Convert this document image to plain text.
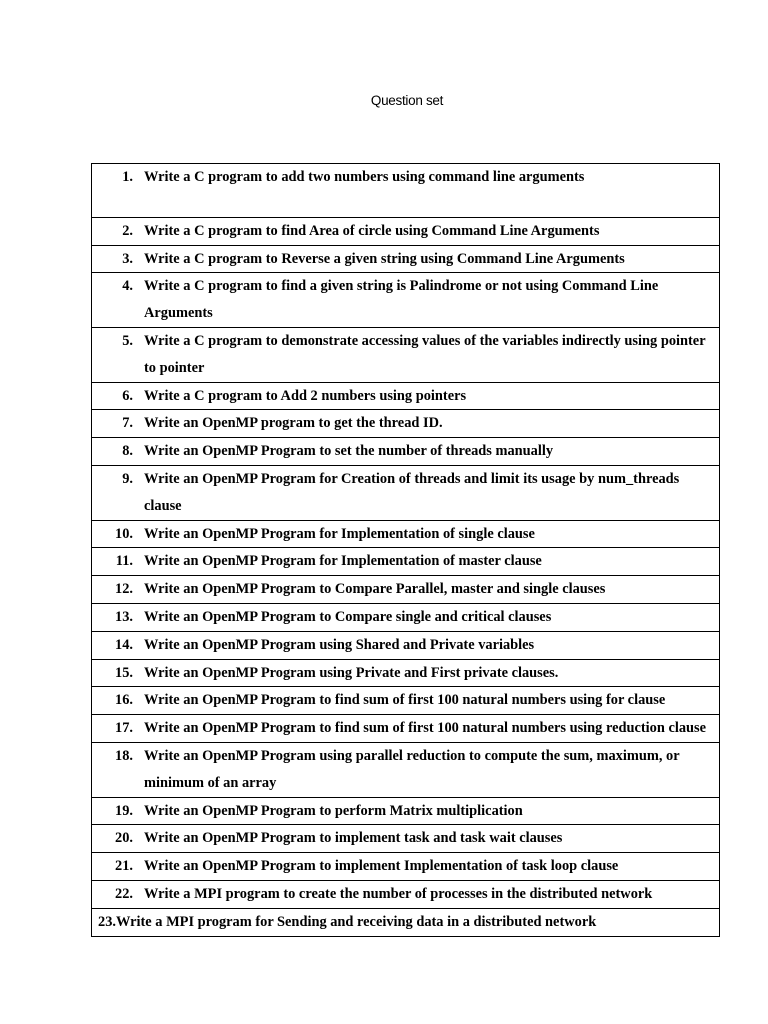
Question set
1. Write a C program to add two numbers using command line arguments

2. Write a C program to find Area of circle using Command Line Arguments

3. Write a C program to Reverse a given string using Command Line Arguments

4. Write a C program to find a given string is Palindrome or not using Command Line Arguments

5. Write a C program to demonstrate accessing values of the variables indirectly using pointer to pointer

6. Write a C program to Add 2 numbers using pointers

7. Write an OpenMP program to get the thread ID.

8. Write an OpenMP Program to set the number of threads manually

9. Write an OpenMP Program for Creation of threads and limit its usage by num_threads clause

10. Write an OpenMP Program for Implementation of single clause

11. Write an OpenMP Program for Implementation of master clause

12. Write an OpenMP Program to Compare Parallel, master and single clauses

13. Write an OpenMP Program to Compare single and critical clauses

14. Write an OpenMP Program using Shared and Private variables

15. Write an OpenMP Program using Private and First private clauses.

16. Write an OpenMP Program to find sum of first 100 natural numbers using for clause

17. Write an OpenMP Program to find sum of first 100 natural numbers using reduction clause

18. Write an OpenMP Program using parallel reduction to compute the sum, maximum, or minimum of an array

19. Write an OpenMP Program to perform Matrix multiplication

20. Write an OpenMP Program to implement task and task wait clauses

21. Write an OpenMP Program to implement Implementation of task loop clause

22. Write a MPI program to create the number of processes in the distributed network

23.Write a MPI program for Sending and receiving data in a distributed network
